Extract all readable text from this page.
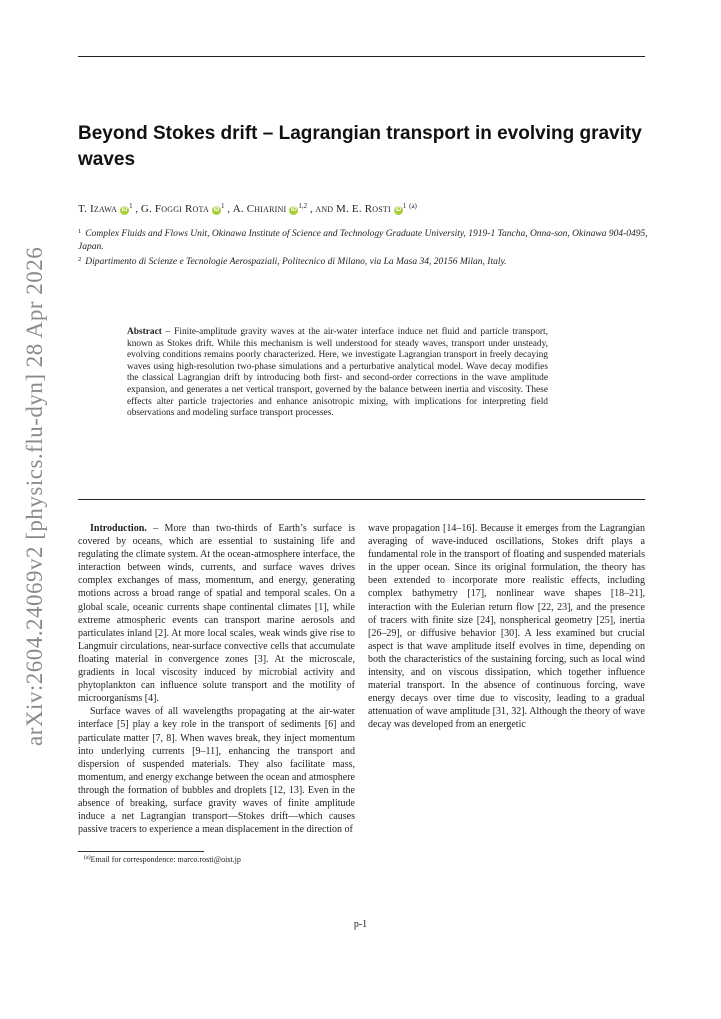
arXiv:2604.24069v2 [physics.flu-dyn] 28 Apr 2026
Beyond Stokes drift – Lagrangian transport in evolving gravity waves
T. Izawa iD $^1$ , G. Foggi Rota iD $^1$ , A. Chiarini iD $^{1,2}$ , and M. E. Rosti iD $^1$ $^{(a)}$

$^1$ Complex Fluids and Flows Unit, Okinawa Institute of Science and Technology Graduate University, 1919-1 Tancha, Onna-son, Okinawa 904-0495, Japan.

$^2$ Dipartimento di Scienze e Tecnologie Aerospaziali, Politecnico di Milano, via La Masa 34, 20156 Milan, Italy.

Abstract – Finite-amplitude gravity waves at the air-water interface induce net fluid and particle transport, known as Stokes drift. While this mechanism is well understood for steady waves, transport under unsteady, evolving conditions remains poorly characterized. Here, we investigate Lagrangian transport in freely decaying waves using high-resolution two-phase simulations and a perturbative analytical model. Wave decay modifies the classical Lagrangian drift by introducing both first- and second-order corrections in the wave amplitude expansion, and generates a net vertical transport, governed by the balance between inertia and viscosity. These effects alter particle trajectories and enhance anisotropic mixing, with implications for interpreting field observations and modeling surface transport processes.

Introduction. – More than two-thirds of Earth’s surface is covered by oceans, which are essential to sustaining life and regulating the climate system. At the ocean-atmosphere interface, the interaction between winds, currents, and surface waves drives complex exchanges of mass, momentum, and energy, generating motions across a broad range of spatial and temporal scales. On a global scale, oceanic currents shape continental climates [1], while extreme atmospheric events can transport marine aerosols and particulates inland [2]. At more local scales, weak winds give rise to Langmuir circulations, near-surface convective cells that accumulate floating material in convergence zones [3]. At the microscale, gradients in local viscosity induced by microbial activity and phytoplankton can influence solute transport and the motility of microorganisms [4].

Surface waves of all wavelengths propagating at the air-water interface [5] play a key role in the transport of sediments [6] and particulate matter [7, 8]. When waves break, they inject momentum into underlying currents [9–11], enhancing the transport and dispersion of suspended materials. They also facilitate mass, momentum, and energy exchange between the ocean and atmosphere through the formation of bubbles and droplets [12, 13]. Even in the absence of breaking, surface gravity waves of finite amplitude induce a net Lagrangian transport—Stokes drift—which causes passive tracers to experience a mean displacement in the direction of

wave propagation [14–16]. Because it emerges from the Lagrangian averaging of wave-induced oscillations, Stokes drift plays a fundamental role in the transport of floating and suspended materials in the upper ocean. Since its original formulation, the theory has been extended to incorporate more realistic effects, including complex bathymetry [17], nonlinear wave shapes [18–21], interaction with the Eulerian return flow [22, 23], and the presence of tracers with finite size [24], nonspherical geometry [25], inertia [26–29], or diffusive behavior [30]. A less examined but crucial aspect is that wave amplitude itself evolves in time, depending on both the characteristics of the sustaining forcing, such as local wind intensity, and on viscous dissipation, which together influence material transport. In the absence of continuous forcing, wave energy decays over time due to viscosity, leading to a gradual attenuation of wave amplitude [31, 32]. Although the theory of wave decay was developed from an energetic

$^{(a)}$Email for correspondence: marco.rosti@oist.jp
p-1
